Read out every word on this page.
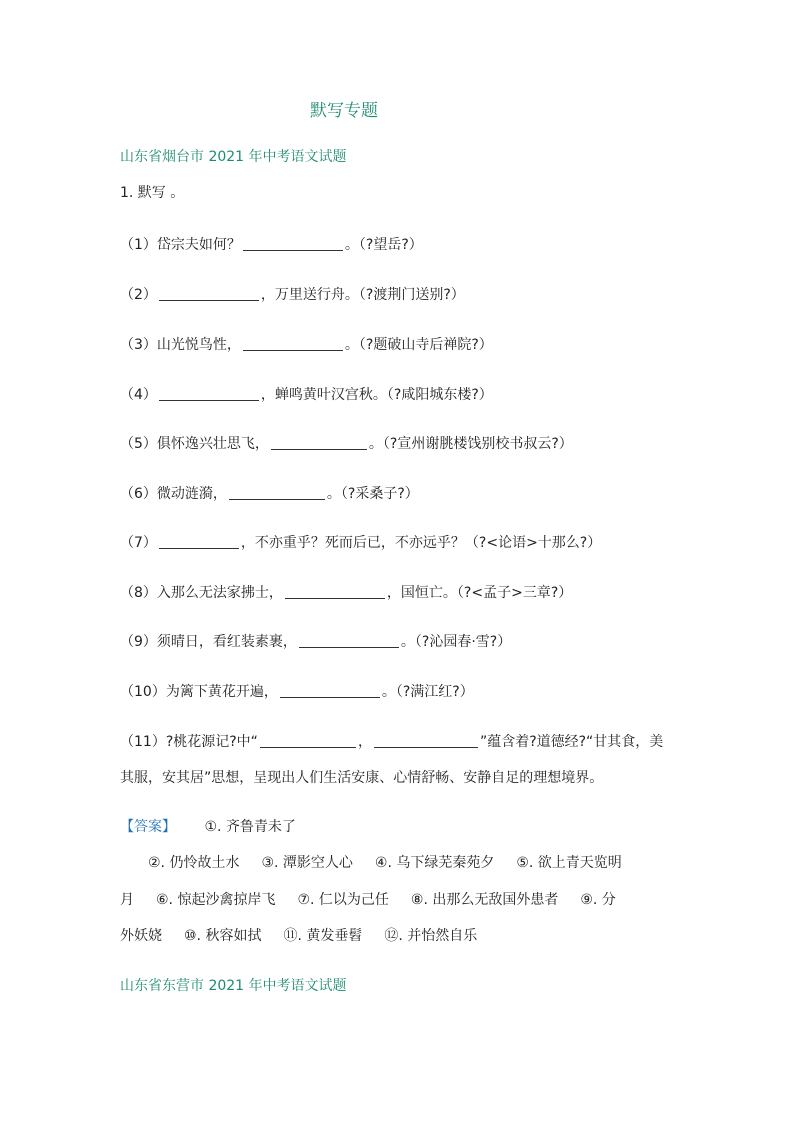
默写专题
山东省烟台市 2021 年中考语文试题
1. 默写 。
（1）岱宗夫如何？	。（?望岳?）
（2）	，万里送行舟。（?渡荆门送别?）
（3）山光悦鸟性，	。（?题破山寺后禅院?）
（4）	，蝉鸣黄叶汉宫秋。（?咸阳城东楼?）
（5）俱怀逸兴壮思飞，	。（?宣州谢朓楼饯别校书叔云?）
（6）微动涟漪，	。（?采桑子?）
（7）	，不亦重乎？死而后已，不亦远乎？（?<论语>十那么?）
（8）入那么无法家拂士，	，国恒亡。（?<孟子>三章?）
（9）须晴日，看红装素裹，	。（?沁园春·雪?）
（10）为篱下黄花开遍，	。（?满江红?）
（11）?桃花源记?中“	，	”蕴含着?道德经?“甘其食，美
其服，安其居”思想，呈现出人们生活安康、心情舒畅、安静自足的理想境界。
【答案】 ①. 齐鲁青未了
②. 仍怜故土水 ③. 潭影空人心 ④. 乌下绿芜秦苑夕 ⑤. 欲上青天览明
月 ⑥. 惊起沙禽掠岸飞 ⑦. 仁以为己任 ⑧. 出那么无敌国外患者 ⑨. 分
外妖娆 ⑩. 秋容如拭 ⑪. 黄发垂髫 ⑫. 并怡然自乐
山东省东营市 2021 年中考语文试题
